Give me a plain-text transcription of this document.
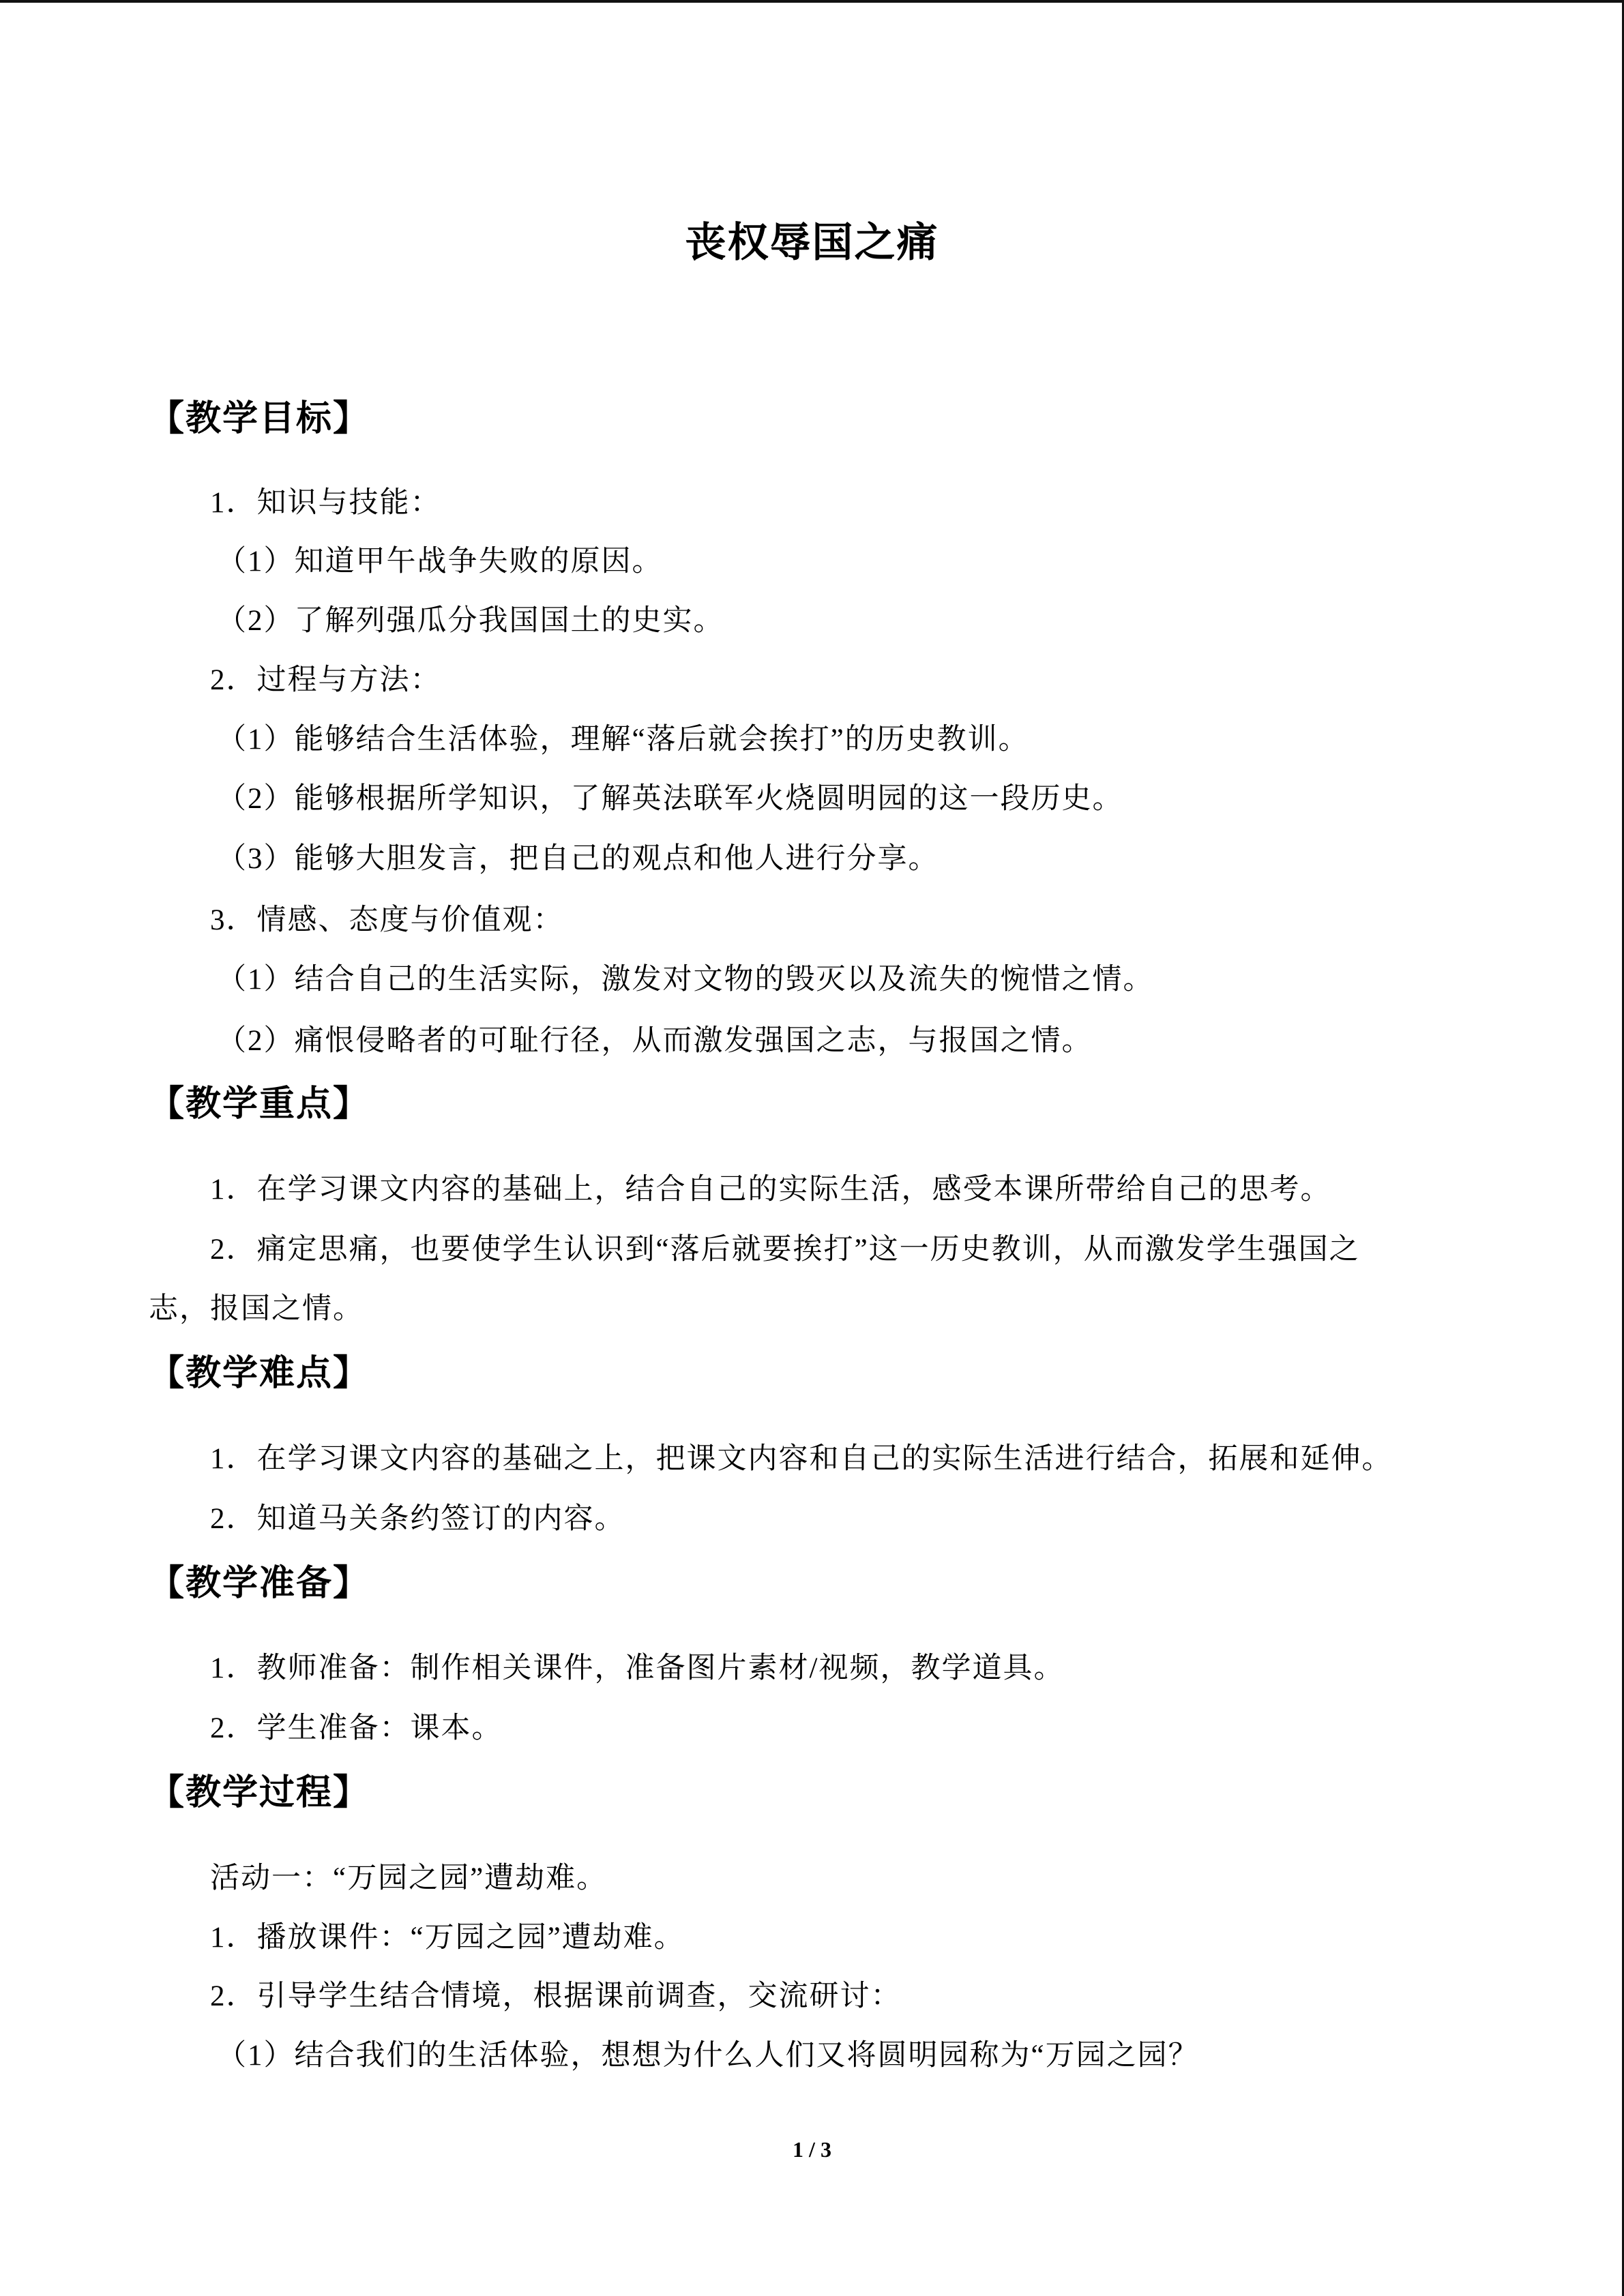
丧权辱国之痛
【教学目标】
1．知识与技能：
（1）知道甲午战争失败的原因。
（2）了解列强瓜分我国国土的史实。
2．过程与方法：
（1）能够结合生活体验，理解“落后就会挨打”的历史教训。
（2）能够根据所学知识，了解英法联军火烧圆明园的这一段历史。
（3）能够大胆发言，把自己的观点和他人进行分享。
3．情感、态度与价值观：
（1）结合自己的生活实际，激发对文物的毁灭以及流失的惋惜之情。
（2）痛恨侵略者的可耻行径，从而激发强国之志，与报国之情。
【教学重点】
1．在学习课文内容的基础上，结合自己的实际生活，感受本课所带给自己的思考。
2．痛定思痛，也要使学生认识到“落后就要挨打”这一历史教训，从而激发学生强国之
志，报国之情。
【教学难点】
1．在学习课文内容的基础之上，把课文内容和自己的实际生活进行结合，拓展和延伸。
2．知道马关条约签订的内容。
【教学准备】
1．教师准备：制作相关课件，准备图片素材/视频，教学道具。
2．学生准备：课本。
【教学过程】
活动一：“万园之园”遭劫难。
1．播放课件：“万园之园”遭劫难。
2．引导学生结合情境，根据课前调查，交流研讨：
（1）结合我们的生活体验，想想为什么人们又将圆明园称为“万园之园？
1 / 3
